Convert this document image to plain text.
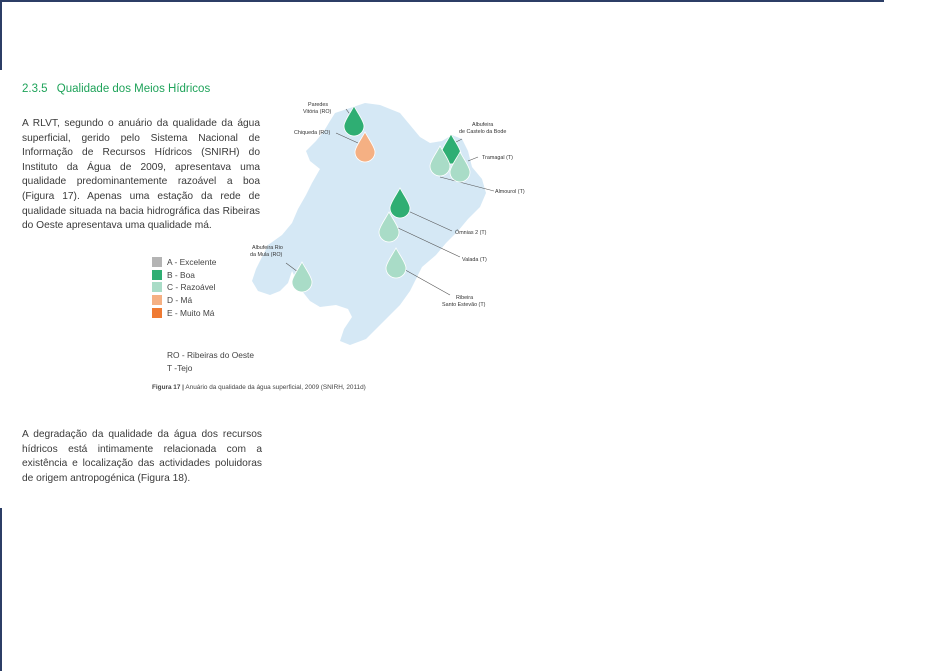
2.3.5 Qualidade dos Meios Hídricos
A RLVT, segundo o anuário da qualidade da água superficial, gerido pelo Sistema Nacional de Informação de Recursos Hídricos (SNIRH) do Instituto da Água de 2009, apresentava uma qualidade predominantemente razoável a boa (Figura 17). Apenas uma estação da rede de qualidade situada na bacia hidrográfica das Ribeiras do Oeste apresentava uma qualidade má.
Paredes Vitória (RO)
Chiqueda (RO)
Albufeira de Castelo da Bode
Tramagal (T)
Almourol (T)
Ómnias 2 (T)
Valada (T)
Albufeira Rio da Mula (RO)
Ribeira Santo Estevão (T)
A - Excelente
B - Boa
C - Razoável
D - Má
E - Muito Má
RO - Ribeiras do Oeste
T -Tejo
Figura 17 | Anuário da qualidade da água superficial, 2009 (SNIRH, 2011d)
A degradação da qualidade da água dos recursos hídricos está intimamente relacionada com a existência e localização das actividades poluidoras de origem antropogénica (Figura 18).
